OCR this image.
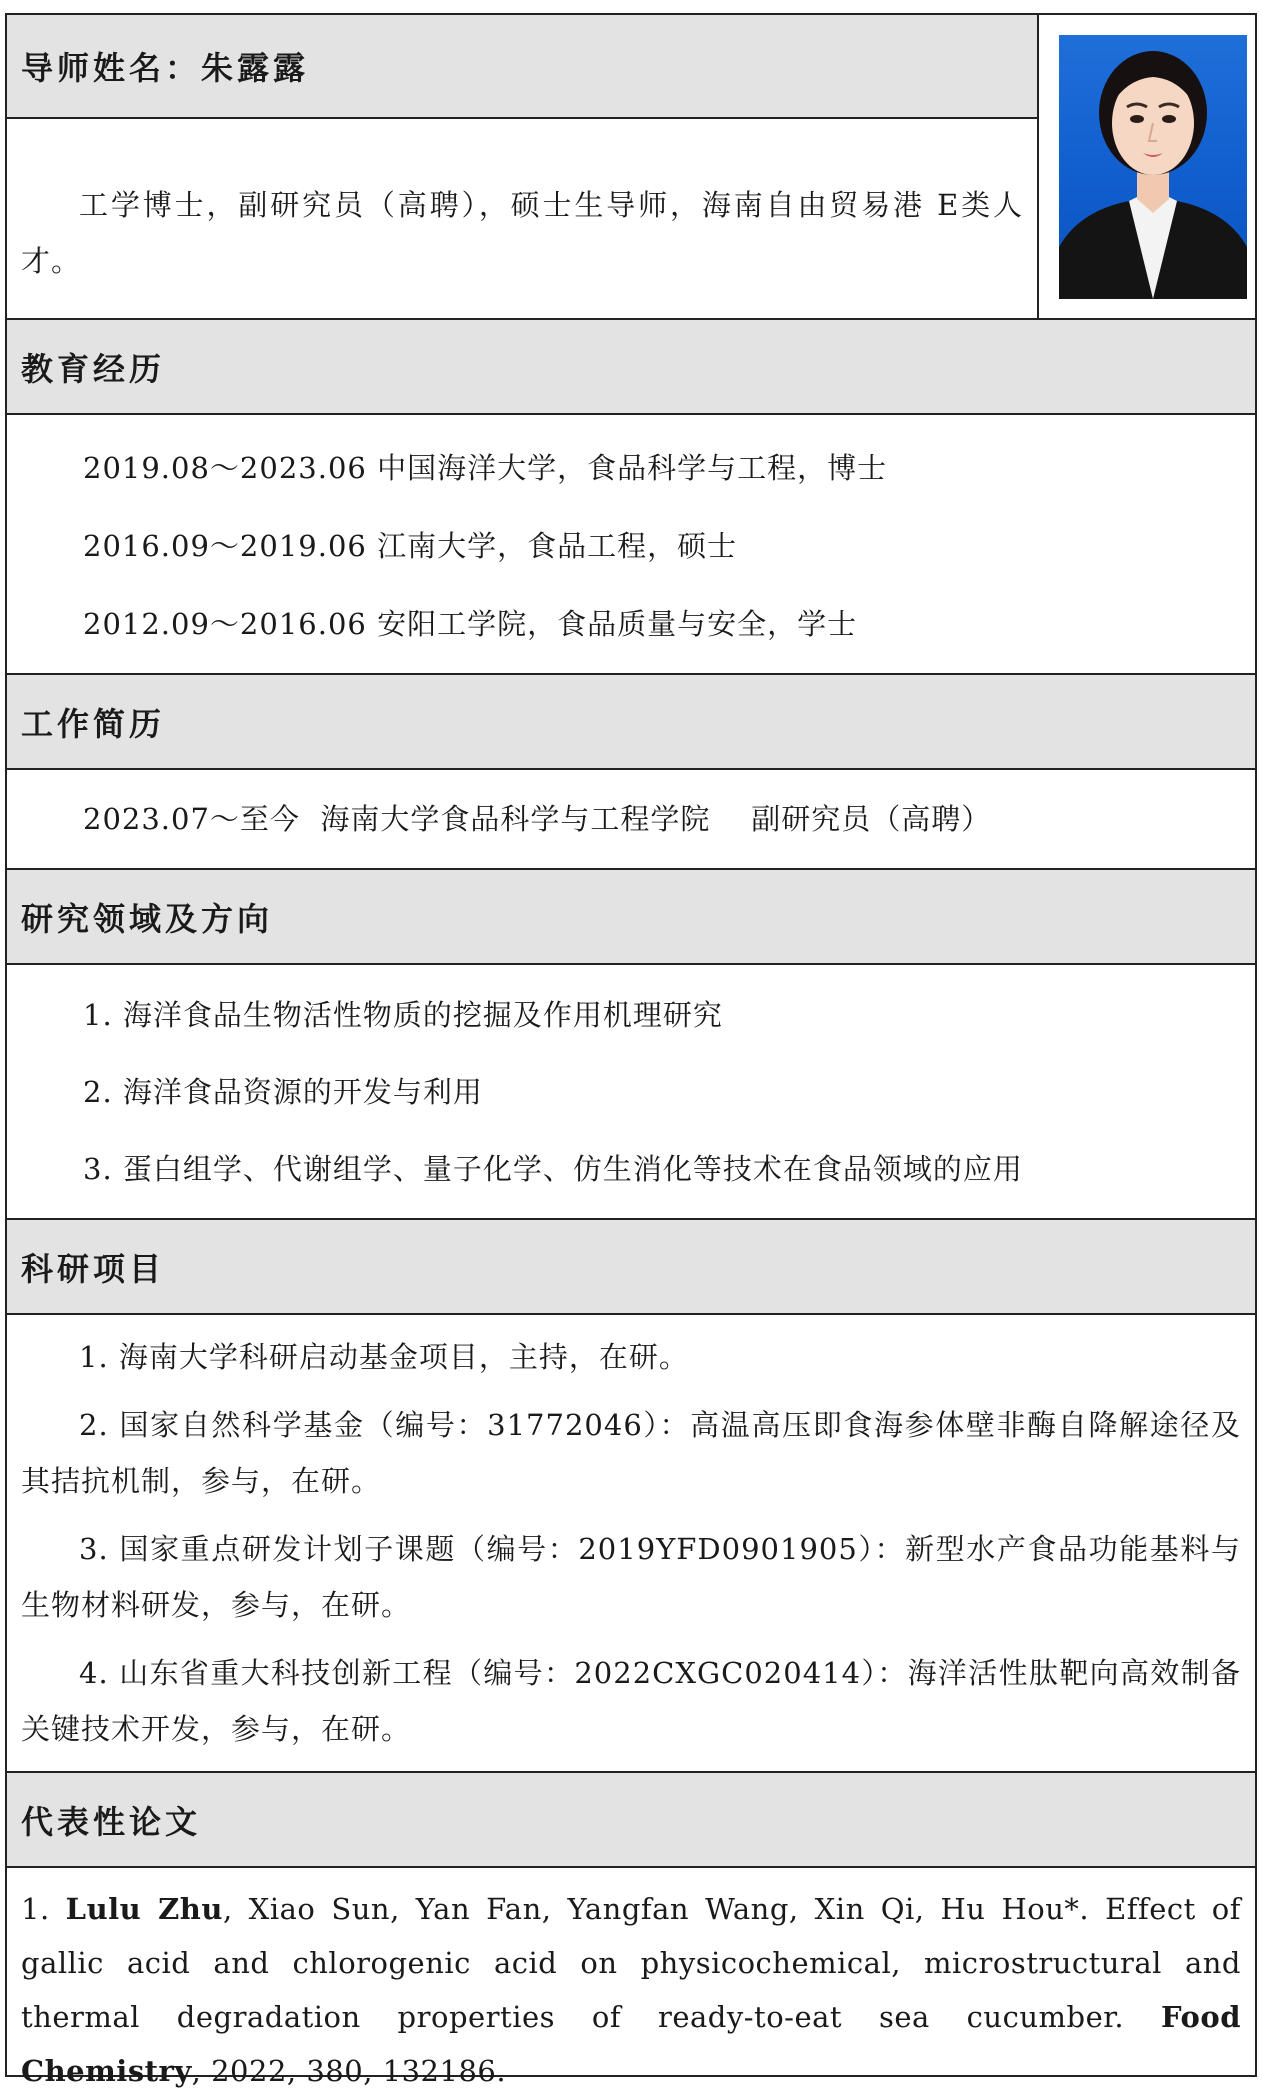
导师姓名：朱露露

工学博士，副研究员（高聘），硕士生导师，海南自由贸易港 E类人才。

教育经历

2019.08～2023.06 中国海洋大学，食品科学与工程，博士

2016.09～2019.06 江南大学，食品工程，硕士

2012.09～2016.06 安阳工学院，食品质量与安全，学士

工作简历

2023.07～至今  海南大学食品科学与工程学院    副研究员（高聘）

研究领域及方向

1. 海洋食品生物活性物质的挖掘及作用机理研究

2. 海洋食品资源的开发与利用

3. 蛋白组学、代谢组学、量子化学、仿生消化等技术在食品领域的应用

科研项目

1. 海南大学科研启动基金项目，主持，在研。

2. 国家自然科学基金（编号：31772046）：高温高压即食海参体壁非酶自降解途径及其拮抗机制，参与，在研。

3. 国家重点研发计划子课题（编号：2019YFD0901905）：新型水产食品功能基料与生物材料研发，参与，在研。

4. 山东省重大科技创新工程（编号：2022CXGC020414）：海洋活性肽靶向高效制备关键技术开发，参与，在研。

代表性论文

1. Lulu Zhu, Xiao Sun, Yan Fan, Yangfan Wang, Xin Qi, Hu Hou*. Effect of gallic acid and chlorogenic acid on physicochemical, microstructural and thermal degradation properties of ready-to-eat sea cucumber. Food Chemistry, 2022, 380, 132186.
